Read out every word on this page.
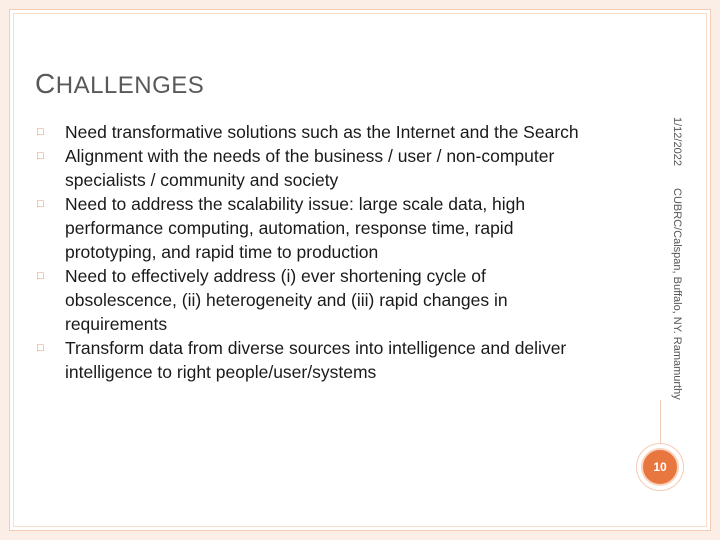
CHALLENGES
□ Need transformative solutions such as the Internet and the Search
□ Alignment with the needs of the business / user / non-computer specialists / community and society
□ Need to address the scalability issue: large scale data, high performance computing, automation, response time, rapid prototyping, and rapid time to production
□ Need to effectively address (i) ever shortening cycle of obsolescence, (ii) heterogeneity and (iii) rapid changes in requirements
□ Transform data from diverse sources into intelligence and deliver intelligence to right people/user/systems
1/12/2022
CUBRC/Calspan, Buffalo, NY. Ramamurthy
10
